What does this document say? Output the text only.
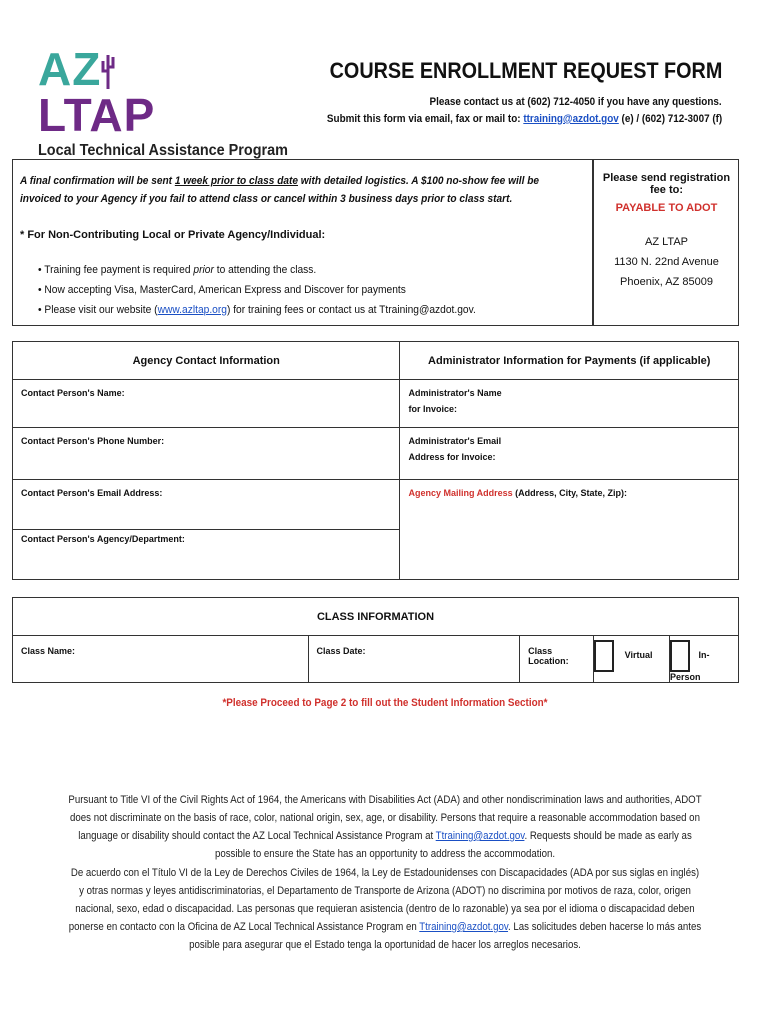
AZLTAP
Local Technical Assistance Program
COURSE ENROLLMENT REQUEST FORM
Please contact us at (602) 712-4050 if you have any questions.
Submit this form via email, fax or mail to: ttraining@azdot.gov (e) / (602) 712-3007 (f)
A final confirmation will be sent 1 week prior to class date with detailed logistics. A $100 no-show fee will be invoiced to your Agency if you fail to attend class or cancel within 3 business days prior to class start.
* For Non-Contributing Local or Private Agency/Individual:
• Training fee payment is required prior to attending the class.
• Now accepting Visa, MasterCard, American Express and Discover for payments
• Please visit our website (www.azltap.org) for training fees or contact us at Ttraining@azdot.gov.
Please send registration fee to:
PAYABLE TO ADOT
AZ LTAP
1130 N. 22nd Avenue
Phoenix, AZ 85009
Agency Contact Information	Administrator Information for Payments (if applicable)
Contact Person's Name:	Administrator's Name
for Invoice:

Contact Person's Phone Number:	Administrator's Email
Address for Invoice:

Contact Person's Email Address:	Agency Mailing Address (Address, City, State, Zip):
Contact Person's Agency/Department:	
CLASS INFORMATION
Class Name:	Class Date:	Class Location:	Virtual	In-Person
*Please Proceed to Page 2 to fill out the Student Information Section*
Pursuant to Title VI of the Civil Rights Act of 1964, the Americans with Disabilities Act (ADA) and other nondiscrimination laws and authorities, ADOT does not discriminate on the basis of race, color, national origin, sex, age, or disability. Persons that require a reasonable accommodation based on language or disability should contact the AZ Local Technical Assistance Program at Ttraining@azdot.gov. Requests should be made as early as possible to ensure the State has an opportunity to address the accommodation.
De acuerdo con el Título VI de la Ley de Derechos Civiles de 1964, la Ley de Estadounidenses con Discapacidades (ADA por sus siglas en inglés) y otras normas y leyes antidiscriminatorias, el Departamento de Transporte de Arizona (ADOT) no discrimina por motivos de raza, color, origen nacional, sexo, edad o discapacidad. Las personas que requieran asistencia (dentro de lo razonable) ya sea por el idioma o discapacidad deben ponerse en contacto con la Oficina de AZ Local Technical Assistance Program en Ttraining@azdot.gov. Las solicitudes deben hacerse lo más antes posible para asegurar que el Estado tenga la oportunidad de hacer los arreglos necesarios.
